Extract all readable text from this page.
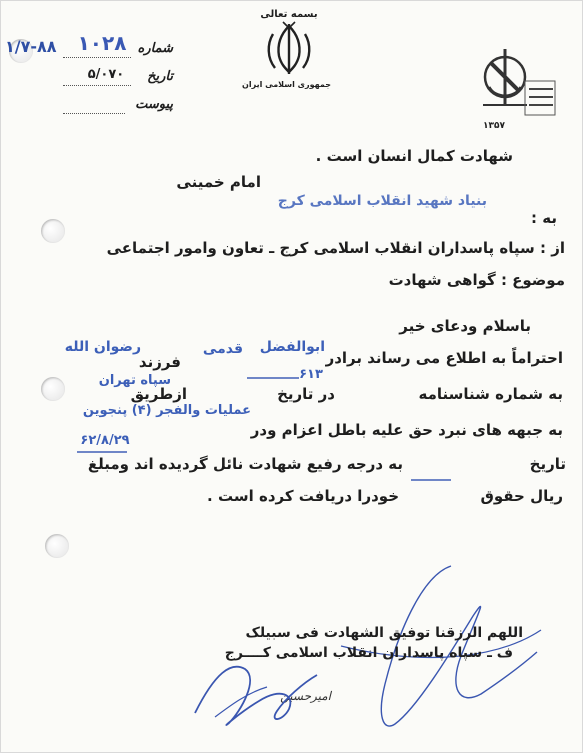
شماره
تاریخ
پیوست
۱۰۲۸
۱/۷-۸۸
۵/۰۷۰
بسمه تعالی
جمهوری اسلامی ایران
۱۳۵۷
شهادت کمال انسان است .
امام خمینی
بنیاد شهید انقلاب اسلامی کرج
به :
از : سپاه پاسداران انقلاب اسلامی کرج ـ تعاون وامور اجتماعی
موضوع : گواهی شهادت
باسلام ودعای خیر
احتراماً به اطلاع می رساند برادر
ابوالفضل
قدمی
فرزند
رضوان الله
۶۱۳
سپاه تهران
به شماره شناسنامه
در تاریخ
ازطریق
عملیات والفجر (۴) پنجوین
به جبهه های نبرد حق علیه باطل اعزام ودر
۶۲/۸/۲۹
به درجه رفیع شهادت نائل گردیده اند ومبلغ	تاریخ
ریال حقوق
خودرا دریافت کرده است .
اللهم الرزقنا توفیق الشهادت فی سبیلک
ف ـ سپاه پاسداران انقلاب اسلامی کــــرج
امیرحسین
